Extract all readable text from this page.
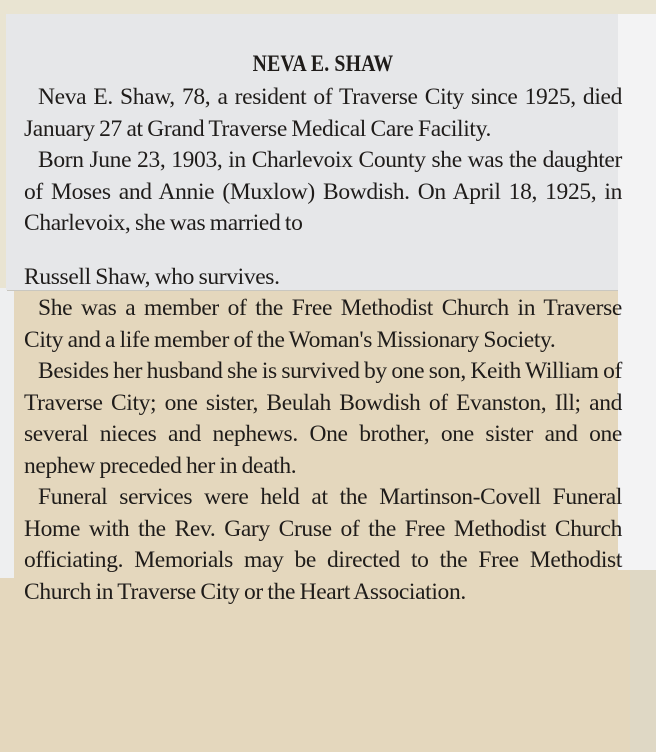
NEVA E. SHAW

Neva E. Shaw, 78, a resident of Traverse City since 1925, died January 27 at Grand Traverse Medical Care Facility.

Born June 23, 1903, in Charlevoix County she was the daughter of Moses and Annie (Muxlow) Bowdish. On April 18, 1925, in Charlevoix, she was married to

Russell Shaw, who survives.

She was a member of the Free Methodist Church in Traverse City and a life member of the Woman's Missionary Society.

Besides her husband she is survived by one son, Keith William of Traverse City; one sister, Beulah Bowdish of Evanston, Ill; and several nieces and nephews. One brother, one sister and one nephew preceded her in death.

Funeral services were held at the Martinson-Covell Funeral Home with the Rev. Gary Cruse of the Free Methodist Church officiating. Memorials may be directed to the Free Methodist Church in Traverse City or the Heart Association.
